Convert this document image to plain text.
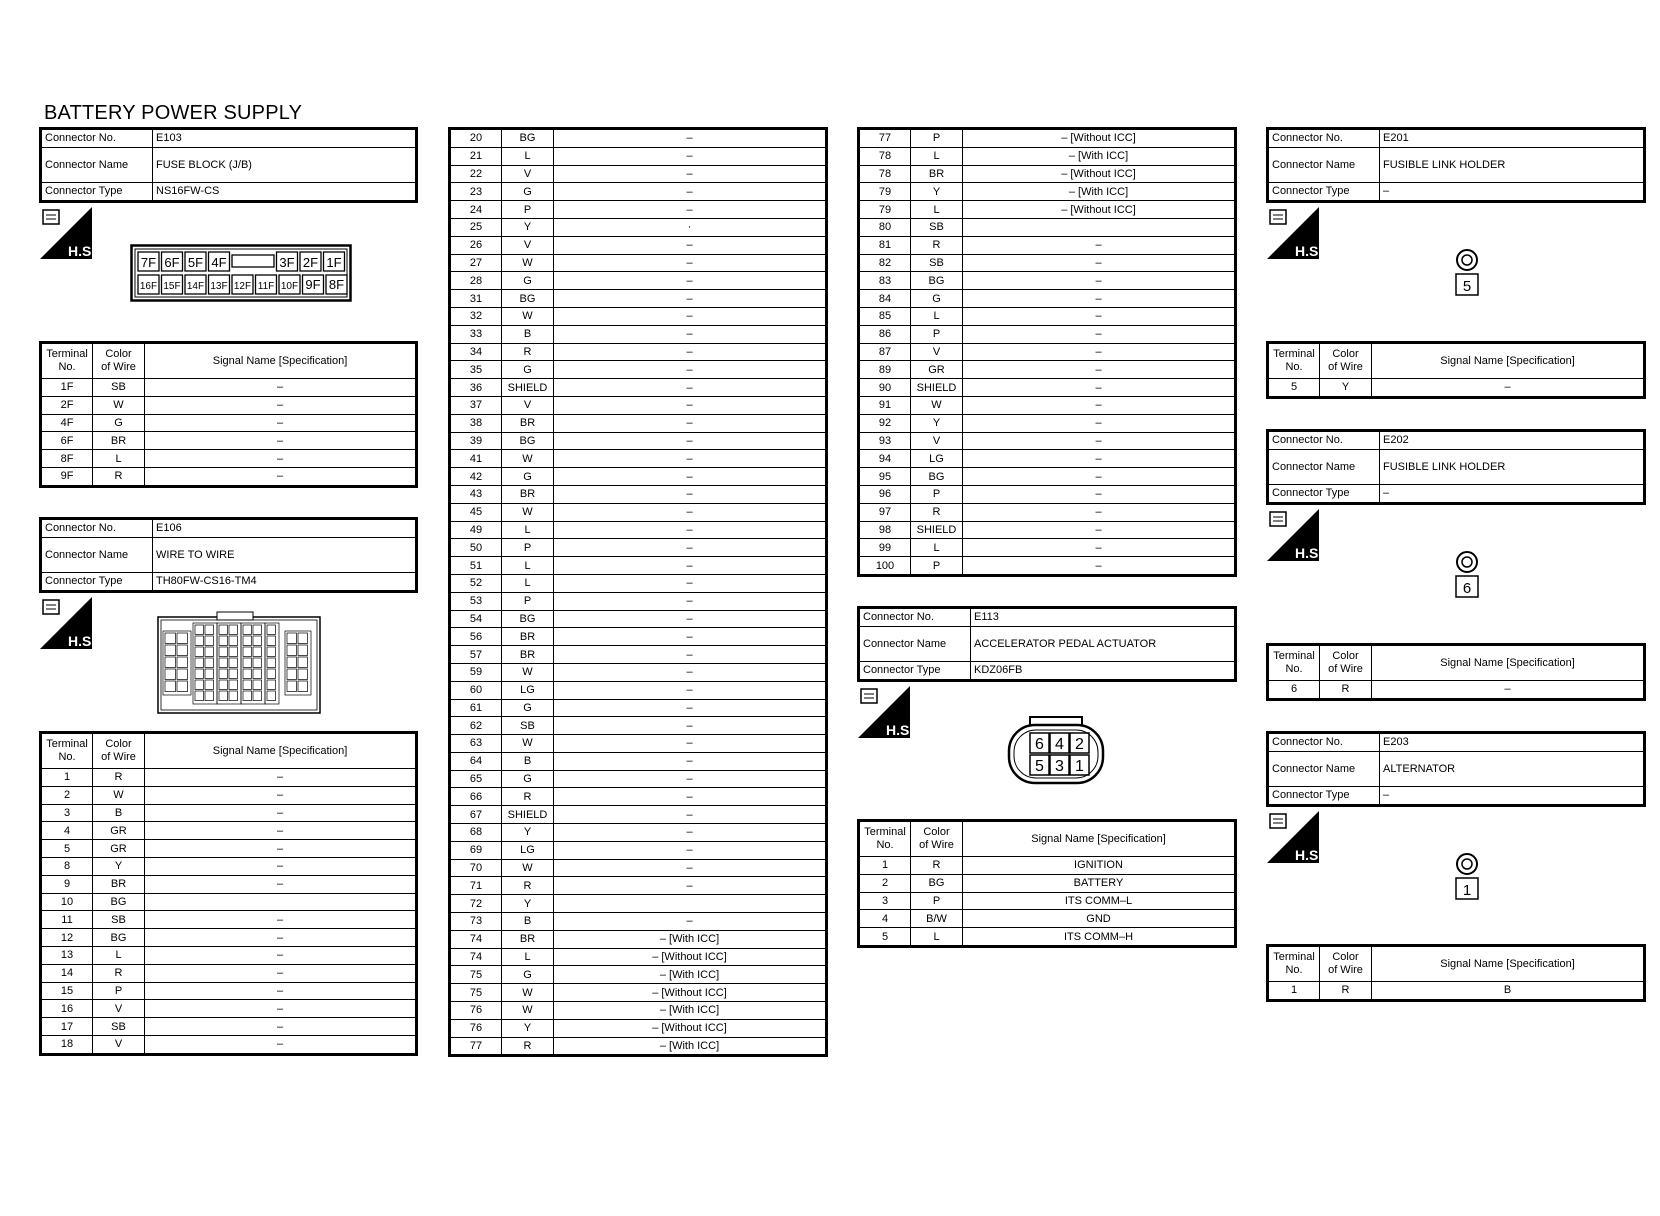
BATTERY POWER SUPPLY
Connector No.	E103
Connector Name	FUSE BLOCK (J/B)
Connector Type	NS16FW-CS
H.S.
7F 6F 5F 4F	3F 2F 1F
16F 15F 14F 13F 12F 11F 10F 9F 8F
Terminal
No.	Color
of Wire	Signal Name [Specification]
1F	SB	–
2F	W	–
4F	G	–
6F	BR	–
8F	L	–
9F	R	–
Connector No.	E106
Connector Name	WIRE TO WIRE
Connector Type	TH80FW-CS16-TM4
H.S.
Terminal
No.	Color
of Wire	Signal Name [Specification]
1	R	–
2	W	–
3	B	–
4	GR	–
5	GR	–
8	Y	–
9	BR	–
10	BG	
11	SB	–
12	BG	–
13	L	–
14	R	–
15	P	–
16	V	–
17	SB	–
18	V	–
20	BG	–
21	L	–
22	V	–
23	G	–
24	P	–
25	Y	·
26	V	–
27	W	–
28	G	–
31	BG	–
32	W	–
33	B	–
34	R	–
35	G	–
36	SHIELD	–
37	V	–
38	BR	–
39	BG	–
41	W	–
42	G	–
43	BR	–
45	W	–
49	L	–
50	P	–
51	L	–
52	L	–
53	P	–
54	BG	–
56	BR	–
57	BR	–
59	W	–
60	LG	–
61	G	–
62	SB	–
63	W	–
64	B	–
65	G	–
66	R	–
67	SHIELD	–
68	Y	–
69	LG	–
70	W	–
71	R	–
72	Y	
73	B	–
74	BR	– [With ICC]
74	L	– [Without ICC]
75	G	– [With ICC]
75	W	– [Without ICC]
76	W	– [With ICC]
76	Y	– [Without ICC]
77	R	– [With ICC]
77	P	– [Without ICC]
78	L	– [With ICC]
78	BR	– [Without ICC]
79	Y	– [With ICC]
79	L	– [Without ICC]
80	SB	
81	R	–
82	SB	–
83	BG	–
84	G	–
85	L	–
86	P	–
87	V	–
89	GR	–
90	SHIELD	–
91	W	–
92	Y	–
93	V	–
94	LG	–
95	BG	–
96	P	–
97	R	–
98	SHIELD	–
99	L	–
100	P	–
Connector No.	E113
Connector Name	ACCELERATOR PEDAL ACTUATOR
Connector Type	KDZ06FB
H.S.
6 4 2
5 3 1
Terminal
No.	Color
of Wire	Signal Name [Specification]
1	R	IGNITION
2	BG	BATTERY
3	P	ITS COMM–L
4	B/W	GND
5	L	ITS COMM–H
Connector No.	E201
Connector Name	FUSIBLE LINK HOLDER
Connector Type	–
H.S.
5
Terminal
No.	Color
of Wire	Signal Name [Specification]
5	Y	–
Connector No.	E202
Connector Name	FUSIBLE LINK HOLDER
Connector Type	–
H.S.
6
Terminal
No.	Color
of Wire	Signal Name [Specification]
6	R	–
Connector No.	E203
Connector Name	ALTERNATOR
Connector Type	–
H.S.
1
Terminal
No.	Color
of Wire	Signal Name [Specification]
1	R	B
